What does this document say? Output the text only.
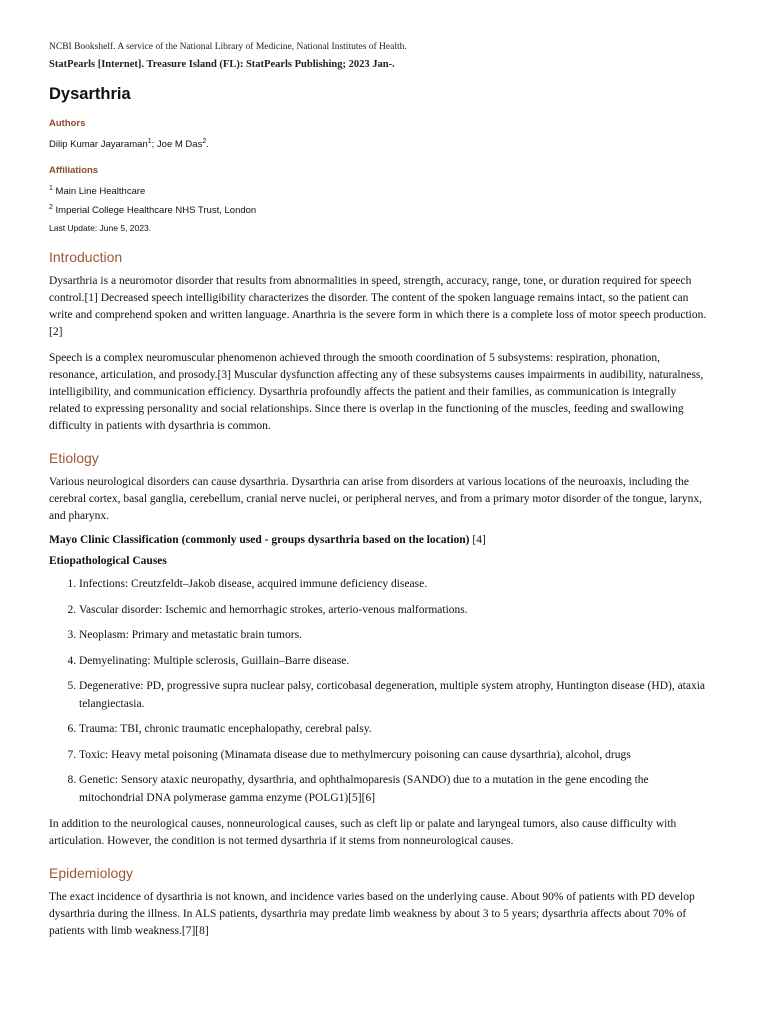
NCBI Bookshelf. A service of the National Library of Medicine, National Institutes of Health.
StatPearls [Internet]. Treasure Island (FL): StatPearls Publishing; 2023 Jan-.
Dysarthria
Authors
Dilip Kumar Jayaraman$^1$; Joe M Das$^2$.
Affiliations
$^1$ Main Line Healthcare
$^2$ Imperial College Healthcare NHS Trust, London
Last Update: June 5, 2023.
Introduction

Dysarthria is a neuromotor disorder that results from abnormalities in speed, strength, accuracy, range, tone, or duration required for speech control.[1] Decreased speech intelligibility characterizes the disorder. The content of the spoken language remains intact, so the patient can write and comprehend spoken and written language. Anarthria is the severe form in which there is a complete loss of motor speech production.[2]

Speech is a complex neuromuscular phenomenon achieved through the smooth coordination of 5 subsystems: respiration, phonation, resonance, articulation, and prosody.[3] Muscular dysfunction affecting any of these subsystems causes impairments in audibility, naturalness, intelligibility, and communication efficiency. Dysarthria profoundly affects the patient and their families, as communication is integrally related to expressing personality and social relationships. Since there is overlap in the functioning of the muscles, feeding and swallowing difficulty in patients with dysarthria is common.

Etiology

Various neurological disorders can cause dysarthria. Dysarthria can arise from disorders at various locations of the neuroaxis, including the cerebral cortex, basal ganglia, cerebellum, cranial nerve nuclei, or peripheral nerves, and from a primary motor disorder of the tongue, larynx, and pharynx.

Mayo Clinic Classification (commonly used - groups dysarthria based on the location) [4]
Etiopathological Causes
1. Infections: Creutzfeldt–Jakob disease, acquired immune deficiency disease.
2. Vascular disorder: Ischemic and hemorrhagic strokes, arterio-venous malformations.
3. Neoplasm: Primary and metastatic brain tumors.
4. Demyelinating: Multiple sclerosis, Guillain–Barre disease.
5. Degenerative: PD, progressive supra nuclear palsy, corticobasal degeneration, multiple system atrophy, Huntington disease (HD), ataxia telangiectasia.
6. Trauma: TBI, chronic traumatic encephalopathy, cerebral palsy.
7. Toxic: Heavy metal poisoning (Minamata disease due to methylmercury poisoning can cause dysarthria), alcohol, drugs
8. Genetic: Sensory ataxic neuropathy, dysarthria, and ophthalmoparesis (SANDO) due to a mutation in the gene encoding the mitochondrial DNA polymerase gamma enzyme (POLG1)[5][6]

In addition to the neurological causes, nonneurological causes, such as cleft lip or palate and laryngeal tumors, also cause difficulty with articulation. However, the condition is not termed dysarthria if it stems from nonneurological causes.

Epidemiology

The exact incidence of dysarthria is not known, and incidence varies based on the underlying cause. About 90% of patients with PD develop dysarthria during the illness. In ALS patients, dysarthria may predate limb weakness by about 3 to 5 years; dysarthria affects about 70% of patients with limb weakness.[7][8]
